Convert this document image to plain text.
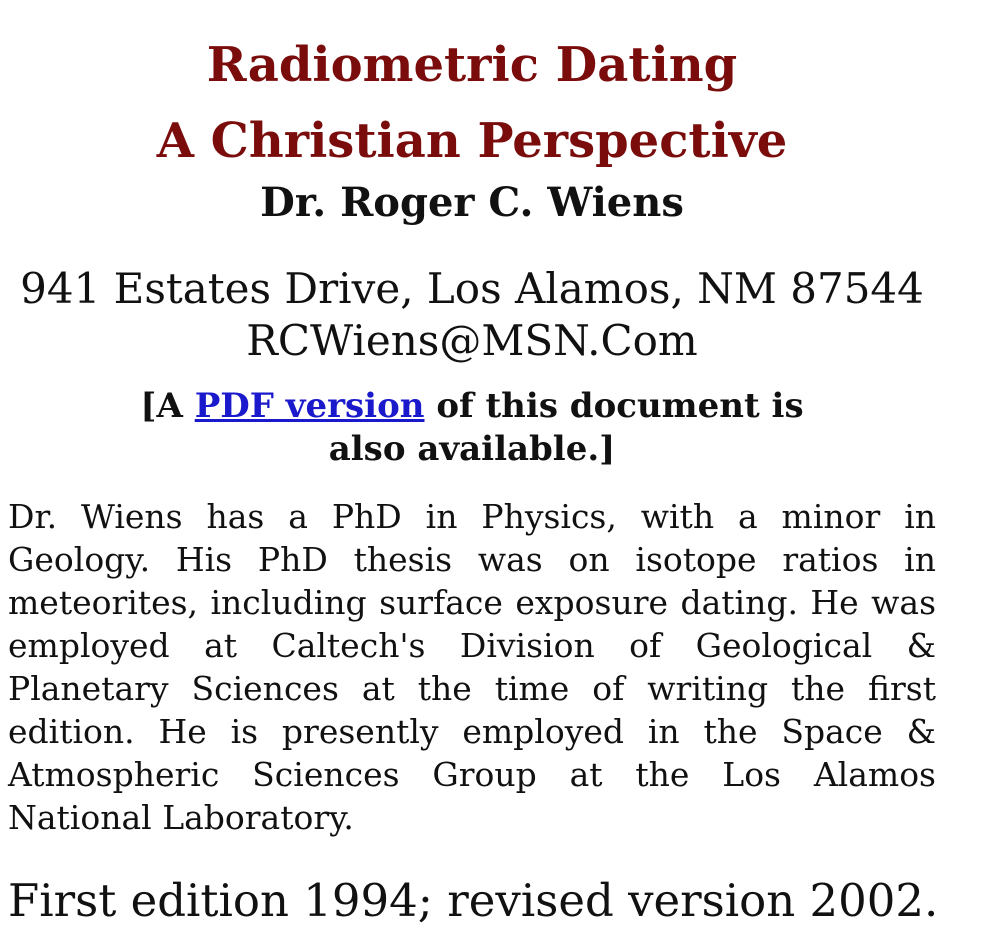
Radiometric Dating
A Christian Perspective
Dr. Roger C. Wiens
941 Estates Drive, Los Alamos, NM 87544
RCWiens@MSN.Com
[A PDF version of this document is also available.]

Dr. Wiens has a PhD in Physics, with a minor in Geology. His PhD thesis was on isotope ratios in meteorites, including surface exposure dating. He was employed at Caltech's Division of Geological & Planetary Sciences at the time of writing the first edition. He is presently employed in the Space & Atmospheric Sciences Group at the Los Alamos National Laboratory.

First edition 1994; revised version 2002.
